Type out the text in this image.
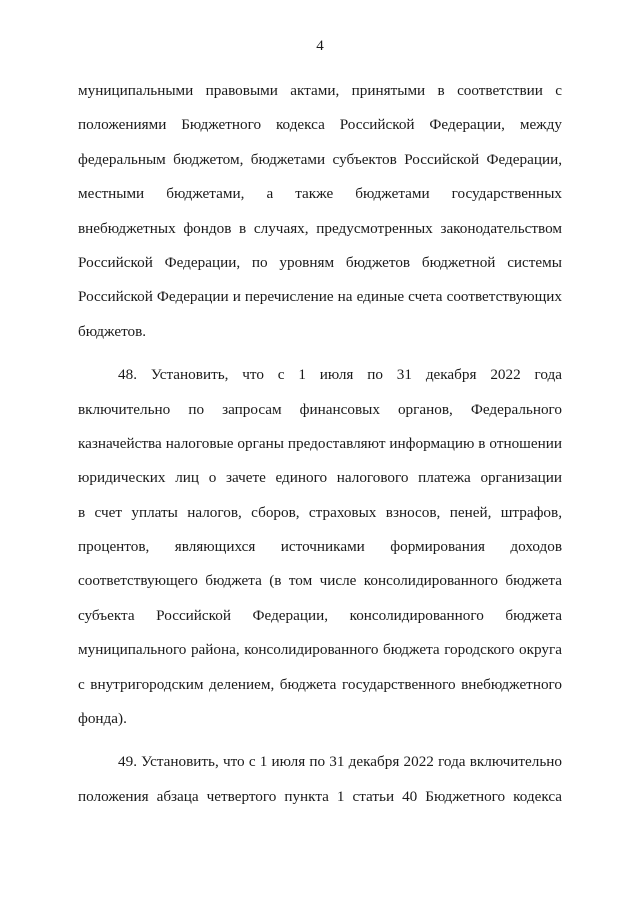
4
муниципальными правовыми актами, принятыми в соответствии с
положениями Бюджетного кодекса Российской Федерации, между
федеральным бюджетом, бюджетами субъектов Российской Федерации,
местными бюджетами, а также бюджетами государственных
внебюджетных фондов в случаях, предусмотренных законодательством
Российской Федерации, по уровням бюджетов бюджетной системы
Российской Федерации и перечисление на единые счета соответствующих
бюджетов.
48. Установить, что с 1 июля по 31 декабря 2022 года
включительно по запросам финансовых органов, Федерального
казначейства налоговые органы предоставляют информацию в отношении
юридических лиц о зачете единого налогового платежа организации
в счет уплаты налогов, сборов, страховых взносов, пеней, штрафов,
процентов, являющихся источниками формирования доходов
соответствующего бюджета (в том числе консолидированного бюджета
субъекта Российской Федерации, консолидированного бюджета
муниципального района, консолидированного бюджета городского округа
с внутригородским делением, бюджета государственного внебюджетного
фонда).
49. Установить, что с 1 июля по 31 декабря 2022 года включительно
положения абзаца четвертого пункта 1 статьи 40 Бюджетного кодекса
